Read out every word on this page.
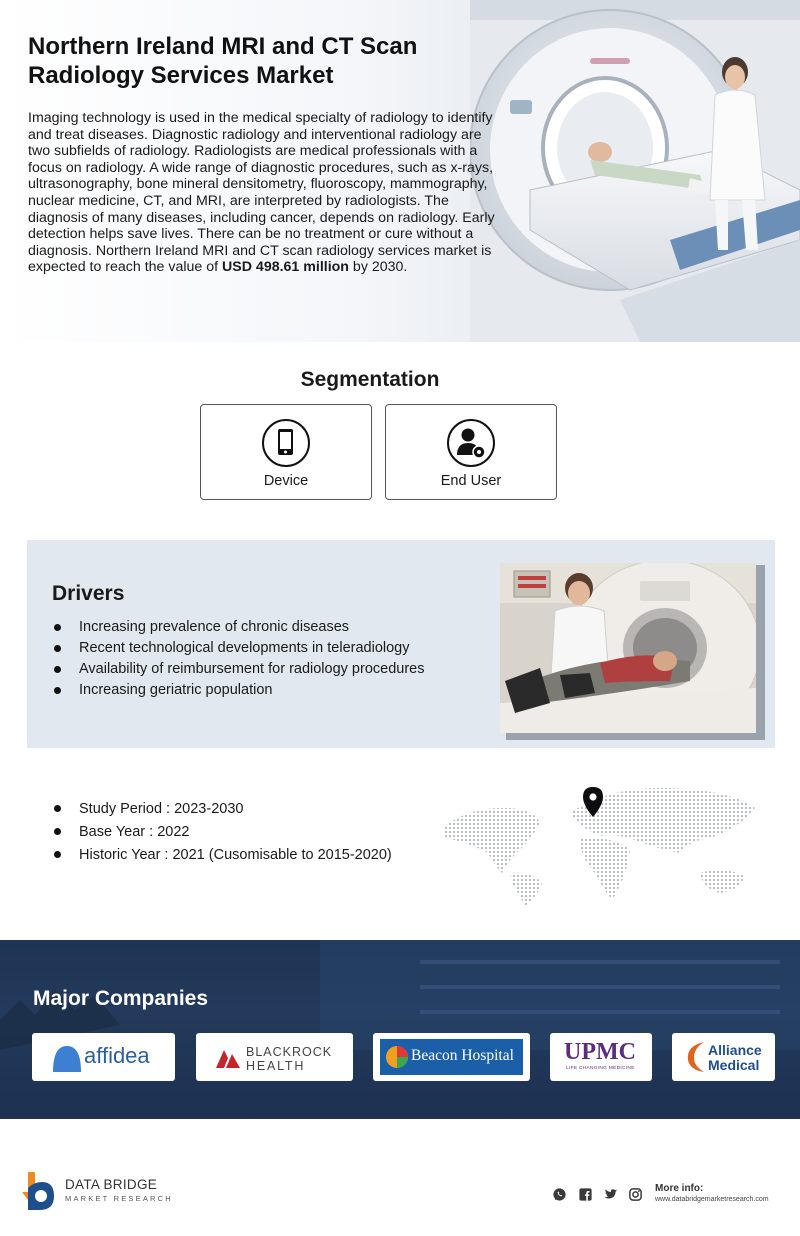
Northern Ireland MRI and CT Scan
Radiology Services Market

Imaging technology is used in the medical specialty of radiology to identify and treat diseases. Diagnostic radiology and interventional radiology are two subfields of radiology. Radiologists are medical professionals with a focus on radiology. A wide range of diagnostic procedures, such as x-rays, ultrasonography, bone mineral densitometry, fluoroscopy, mammography, nuclear medicine, CT, and MRI, are interpreted by radiologists. The diagnosis of many diseases, including cancer, depends on radiology. Early detection helps save lives. There can be no treatment or cure without a diagnosis. Northern Ireland MRI and CT scan radiology services market is expected to reach the value of USD 498.61 million by 2030.

Segmentation
Device	End User
Drivers
Increasing prevalence of chronic diseases
Recent technological developments in teleradiology
Availability of reimbursement for radiology procedures
Increasing geriatric population
Study Period : 2023-2030
Base Year : 2022
Historic Year : 2021 (Cusomisable to 2015-2020)
Major Companies
affidea	BLACKROCK
HEALTH
Beacon Hospital UPMC
LIFE CHANGING MEDICINE
Alliance
Medical
DATA BRIDGE
MARKET RESEARCH
More info:
www.databridgemarketresearch.com
